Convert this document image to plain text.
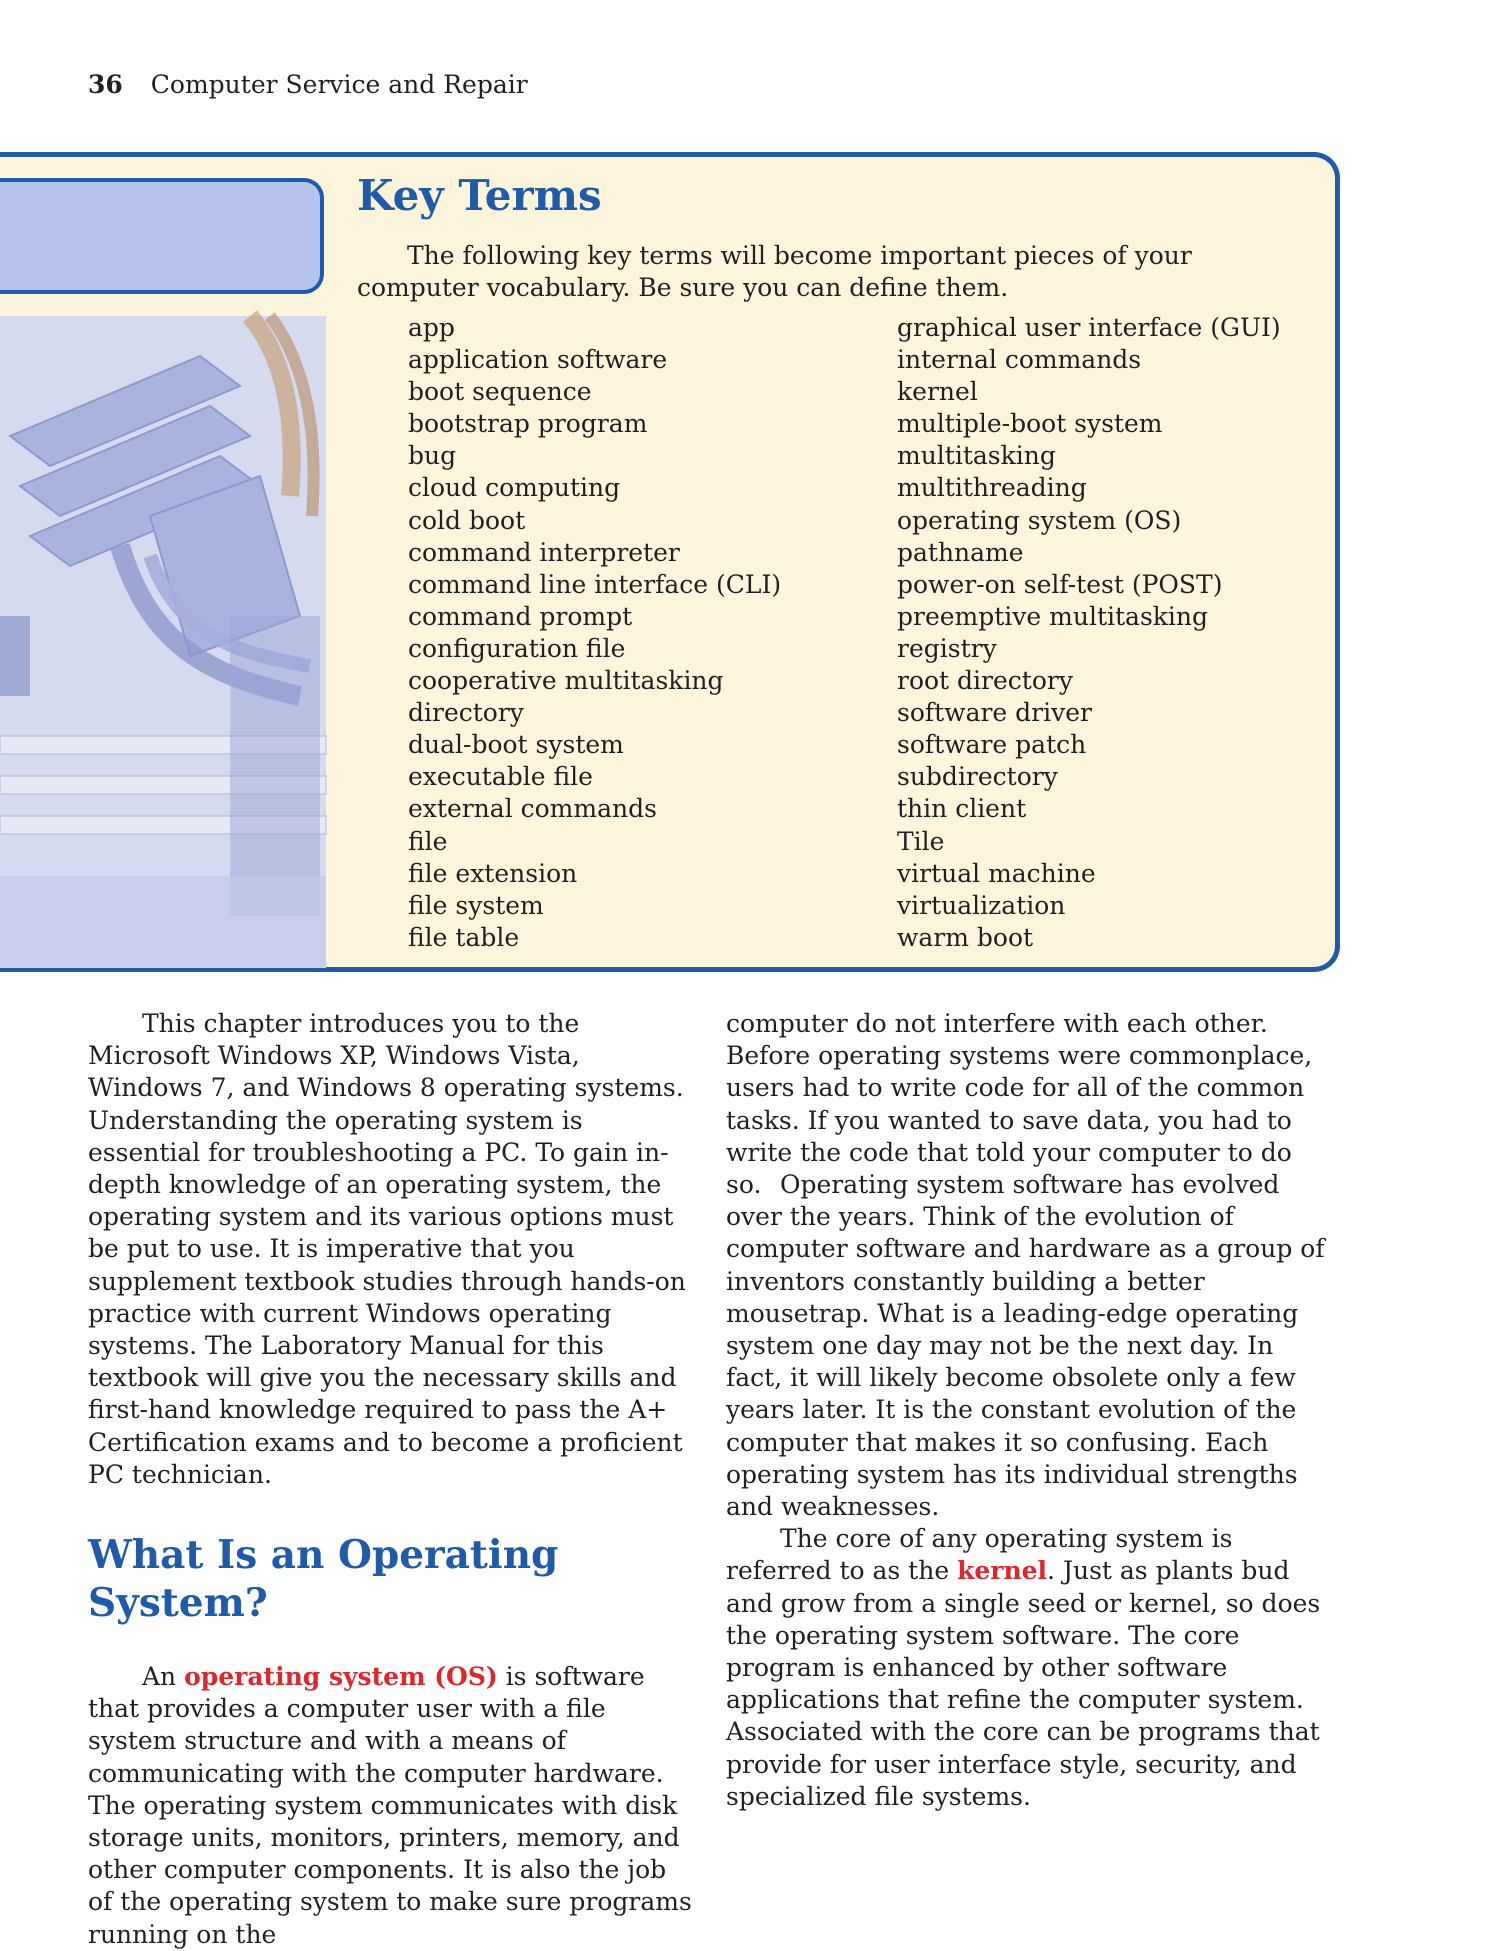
36 Computer Service and Repair
Key Terms

The following key terms will become important pieces of your computer vocabulary. Be sure you can define them.

app
application software
boot sequence
bootstrap program
bug
cloud computing
cold boot
command interpreter
command line interface (CLI)
command prompt
configuration file
cooperative multitasking
directory
dual-boot system
executable file
external commands
file
file extension
file system
file table
graphical user interface (GUI)
internal commands
kernel
multiple-boot system
multitasking
multithreading
operating system (OS)
pathname
power-on self-test (POST)
preemptive multitasking
registry
root directory
software driver
software patch
subdirectory
thin client
Tile
virtual machine
virtualization
warm boot

This chapter introduces you to the Microsoft Windows XP, Windows Vista, Windows 7, and Windows 8 operating systems. Understanding the operating system is essential for troubleshooting a PC. To gain in-depth knowledge of an operating system, the operating system and its various options must be put to use. It is imperative that you supplement textbook studies through hands-on practice with current Windows operating systems. The Laboratory Manual for this textbook will give you the necessary skills and first-hand knowledge required to pass the A+ Certification exams and to become a proficient PC technician.

What Is an Operating System?

An operating system (OS) is software that provides a computer user with a file system structure and with a means of communicating with the computer hardware. The operating system communicates with disk storage units, monitors, printers, memory, and other computer components. It is also the job of the operating system to make sure programs running on the

computer do not interfere with each other. Before operating systems were commonplace, users had to write code for all of the common tasks. If you wanted to save data, you had to write the code that told your computer to do so. Operating system software has evolved over the years. Think of the evolution of computer software and hardware as a group of inventors constantly building a better mousetrap. What is a leading-edge operating system one day may not be the next day. In fact, it will likely become obsolete only a few years later. It is the constant evolution of the computer that makes it so confusing. Each operating system has its individual strengths and weaknesses.

The core of any operating system is referred to as the kernel. Just as plants bud and grow from a single seed or kernel, so does the operating system software. The core program is enhanced by other software applications that refine the computer system. Associated with the core can be programs that provide for user interface style, security, and specialized file systems.
